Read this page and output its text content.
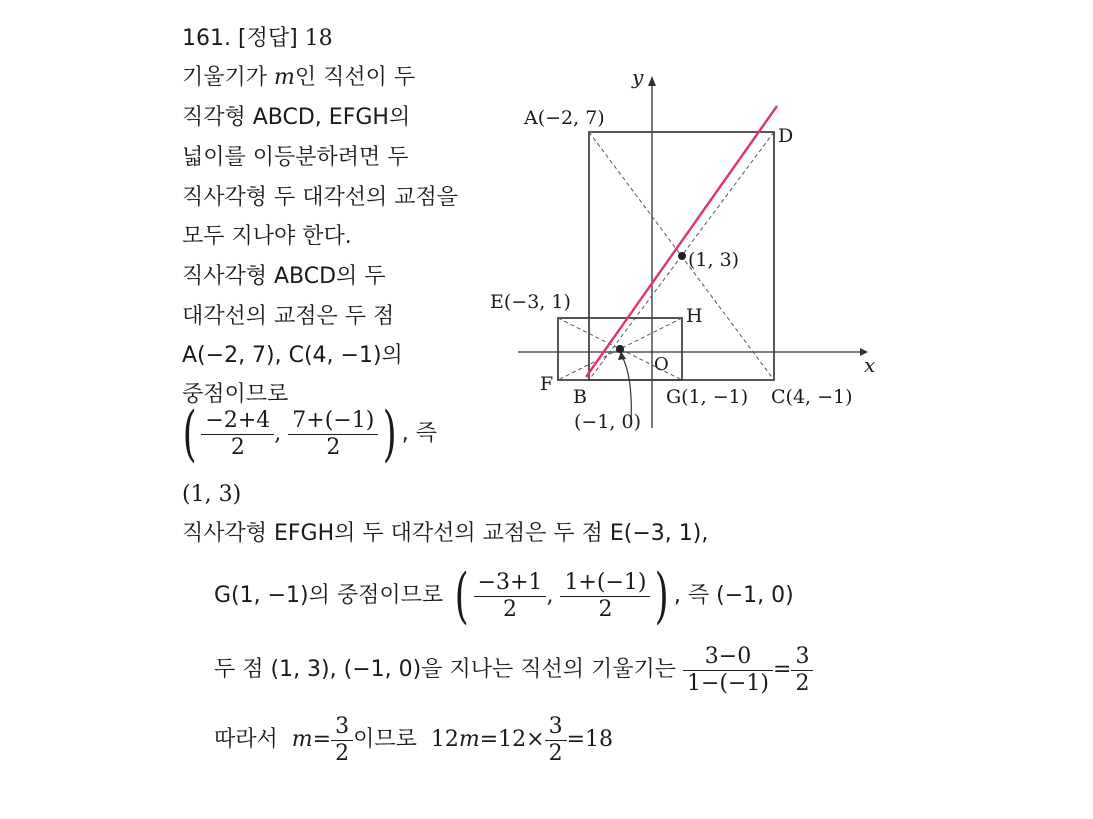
161. [정답] 18
기울기가 m인 직선이 두
직각형 ABCD, EFGH의
넓이를 이등분하려면 두
직사각형 두 대각선의 교점을
모두 지나야 한다.
직사각형 ABCD의 두
대각선의 교점은 두 점
A(−2, 7), C(4, −1)의
중점이므로
( $\frac{-2+4}{2}$ , $\frac{7+(-1)}{2}$ ) , 즉
(1, 3)
직사각형 EFGH의 두 대각선의 교점은 두 점 E(−3, 1),
G(1, −1)의 중점이므로 ( $\frac{-3+1}{2}$ , $\frac{1+(-1)}{2}$ ) , 즉 (−1, 0)
두 점 (1, 3), (−1, 0)을 지나는 직선의 기울기는 $\frac{3-0}{1-(-1)} = \frac{3}{2}$
따라서 $m= \frac{3}{2}$ 이므로 $12m=12\times \frac{3}{2} =18$
x
y
A(−2, 7)
D
(1, 3)
E(−3, 1)
H
O
F
B	G(1, −1) C(4, −1)
(−1, 0)
